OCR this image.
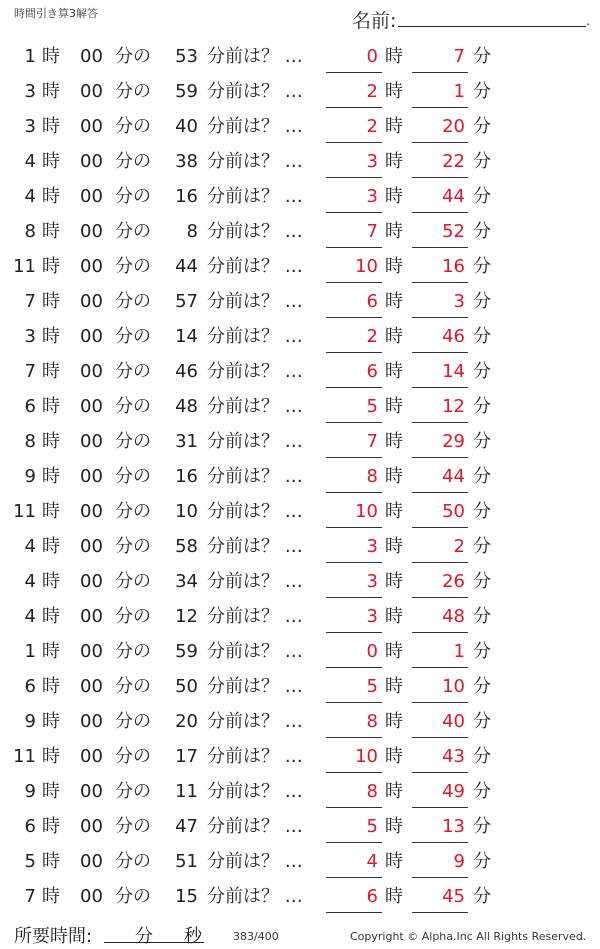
時間引き算3解答	名前:	.
1 時 00 分の	53 分前は？ …	0 時	7 分
3 時 00 分の	59 分前は？ …	2 時	1 分
3 時 00 分の	40 分前は？ …	2 時	20 分
4 時 00 分の	38 分前は？ …	3 時	22 分
4 時 00 分の	16 分前は？ …	3 時	44 分
8 時 00 分の	8 分前は？ …	7 時	52 分
11 時 00 分の	44 分前は？ …	10 時	16 分
7 時 00 分の	57 分前は？ …	6 時	3 分
3 時 00 分の	14 分前は？ …	2 時	46 分
7 時 00 分の	46 分前は？ …	6 時	14 分
6 時 00 分の	48 分前は？ …	5 時	12 分
8 時 00 分の	31 分前は？ …	7 時	29 分
9 時 00 分の	16 分前は？ …	8 時	44 分
11 時 00 分の	10 分前は？ …	10 時	50 分
4 時 00 分の	58 分前は？ …	3 時	2 分
4 時 00 分の	34 分前は？ …	3 時	26 分
4 時 00 分の	12 分前は？ …	3 時	48 分
1 時 00 分の	59 分前は？ …	0 時	1 分
6 時 00 分の	50 分前は？ …	5 時	10 分
9 時 00 分の	20 分前は？ …	8 時	40 分
11 時 00 分の	17 分前は？ …	10 時	43 分
9 時 00 分の	11 分前は？ …	8 時	49 分
6 時 00 分の	47 分前は？ …	5 時	13 分
5 時 00 分の	51 分前は？ …	4 時	9 分
7 時 00 分の	15 分前は？ …	6 時	45 分
所要時間: 分 秒	383/400	Copyright © Alpha.Inc All Rights Reserved.
